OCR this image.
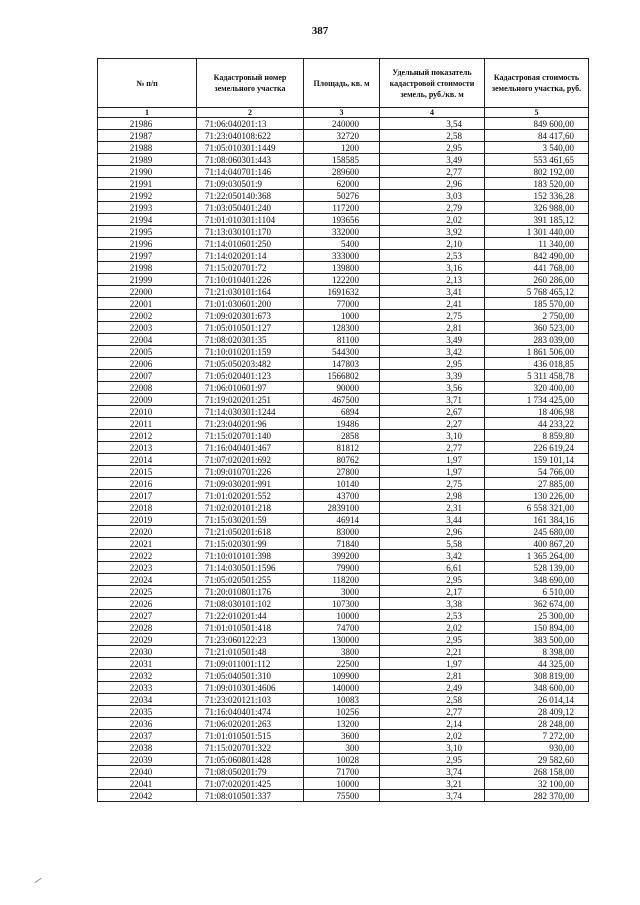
387
№ п/п	Кадастровый номер земельного участка	Площадь, кв. м	Удельный показатель кадастровой стоимости земель, руб./кв. м	Кадастровая стоимость земельного участка, руб.
1	2	3	4	5
21986	71:06:040201:13	240000	3,54	849 600,00
21987	71:23:040108:622	32720	2,58	84 417,60
21988	71:05:010301:1449	1200	2,95	3 540,00
21989	71:08:060301:443	158585	3,49	553 461,65
21990	71:14:040701:146	289600	2,77	802 192,00
21991	71:09:030501:9	62000	2,96	183 520,00
21992	71:22:050140:368	50276	3,03	152 336,28
21993	71:03:050401:240	117200	2,79	326 988,00
21994	71:01:010301:1104	193656	2,02	391 185,12
21995	71:13:030101:170	332000	3,92	1 301 440,00
21996	71:14:010601:250	5400	2,10	11 340,00
21997	71:14:020201:14	333000	2,53	842 490,00
21998	71:15:020701:72	139800	3,16	441 768,00
21999	71:10:010401:226	122200	2,13	260 286,00
22000	71:21:030101:164	1691632	3,41	5 768 465,12
22001	71:01:030601:200	77000	2,41	185 570,00
22002	71:09:020301:673	1000	2,75	2 750,00
22003	71:05:010501:127	128300	2,81	360 523,00
22004	71:08:020301:35	81100	3,49	283 039,00
22005	71:10:010201:159	544300	3,42	1 861 506,00
22006	71:05:050203:482	147803	2,95	436 018,85
22007	71:05:020401:123	1566802	3,39	5 311 458,78
22008	71:06:010601:97	90000	3,56	320 400,00
22009	71:19:020201:251	467500	3,71	1 734 425,00
22010	71:14:030301:1244	6894	2,67	18 406,98
22011	71:23:040201:96	19486	2,27	44 233,22
22012	71:15:020701:140	2858	3,10	8 859,80
22013	71:16:040401:467	81812	2,77	226 619,24
22014	71:07:020201:692	80762	1,97	159 101,14
22015	71:09:010701:226	27800	1,97	54 766,00
22016	71:09:030201:991	10140	2,75	27 885,00
22017	71:01:020201:552	43700	2,98	130 226,00
22018	71:02:020101:218	2839100	2,31	6 558 321,00
22019	71:15:030201:59	46914	3,44	161 384,16
22020	71:21:050201:618	83000	2,96	245 680,00
22021	71:15:020301:99	71840	5,58	400 867,20
22022	71:10:010101:398	399200	3,42	1 365 264,00
22023	71:14:030501:1596	79900	6,61	528 139,00
22024	71:05:020501:255	118200	2,95	348 690,00
22025	71:20:010801:176	3000	2,17	6 510,00
22026	71:08:030101:102	107300	3,38	362 674,00
22027	71:22:010201:44	10000	2,53	25 300,00
22028	71:01:010501:418	74700	2,02	150 894,00
22029	71:23:060122:23	130000	2,95	383 500,00
22030	71:21:010501:48	3800	2,21	8 398,00
22031	71:09:011001:112	22500	1,97	44 325,00
22032	71:05:040501:310	109900	2,81	308 819,00
22033	71:09:010301:4606	140000	2,49	348 600,00
22034	71:23:020121:103	10083	2,58	26 014,14
22035	71:16:040401:474	10256	2,77	28 409,12
22036	71:06:020201:263	13200	2,14	28 248,00
22037	71:01:010501:515	3600	2,02	7 272,00
22038	71:15:020701:322	300	3,10	930,00
22039	71:05:060801:428	10028	2,95	29 582,60
22040	71:08:050201:79	71700	3,74	268 158,00
22041	71:07:020201:425	10000	3,21	32 100,00
22042	71:08:010501:337	75500	3,74	282 370,00
